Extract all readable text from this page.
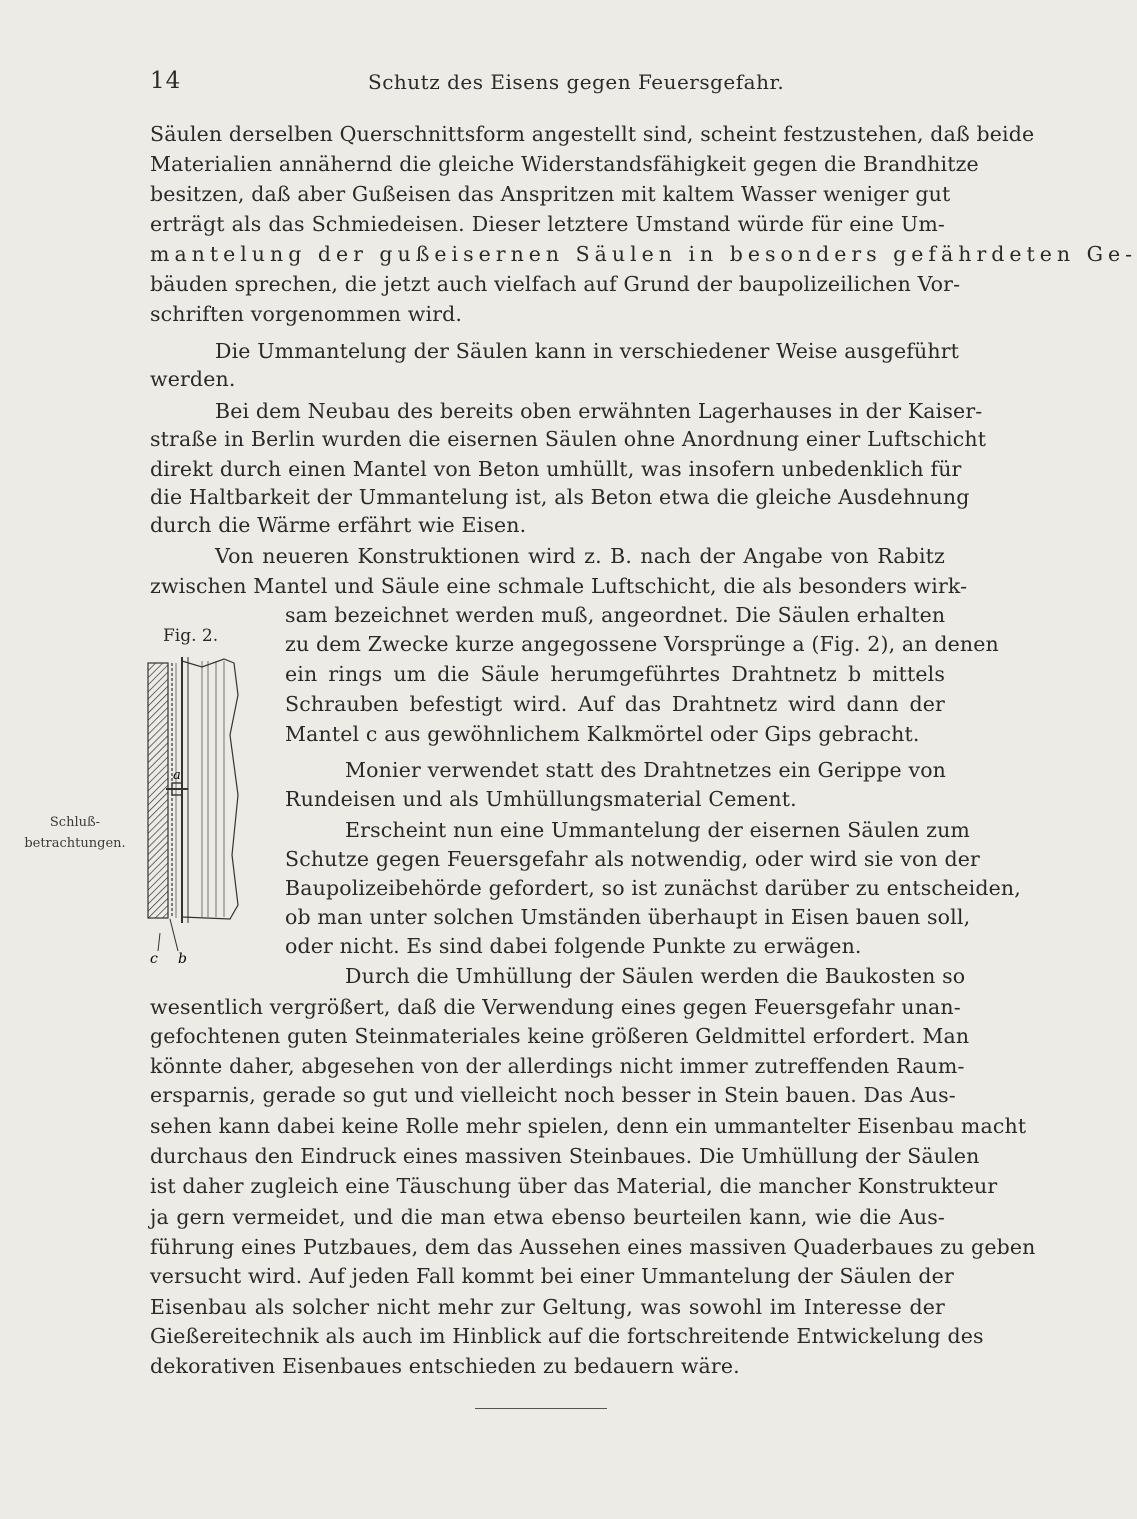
14	Schutz des Eisens gegen Feuersgefahr.
Säulen derselben Querschnittsform angestellt sind, scheint festzustehen, daß beide
Materialien annähernd die gleiche Widerstandsfähigkeit gegen die Brandhitze
besitzen, daß aber Gußeisen das Anspritzen mit kaltem Wasser weniger gut
erträgt als das Schmiedeisen. Dieser letztere Umstand würde für eine Um-
mantelung der gußeisernen Säulen in besonders gefährdeten Ge-
bäuden sprechen, die jetzt auch vielfach auf Grund der baupolizeilichen Vor-
schriften vorgenommen wird.
Die Ummantelung der Säulen kann in verschiedener Weise ausgeführt
werden.
Bei dem Neubau des bereits oben erwähnten Lagerhauses in der Kaiser-
straße in Berlin wurden die eisernen Säulen ohne Anordnung einer Luftschicht
direkt durch einen Mantel von Beton umhüllt, was insofern unbedenklich für
die Haltbarkeit der Ummantelung ist, als Beton etwa die gleiche Ausdehnung
durch die Wärme erfährt wie Eisen.
Von neueren Konstruktionen wird z. B. nach der Angabe von Rabitz
zwischen Mantel und Säule eine schmale Luftschicht, die als besonders wirk-
sam bezeichnet werden muß, angeordnet. Die Säulen erhalten
zu dem Zwecke kurze angegossene Vorsprünge a (Fig. 2), an denen
ein rings um die Säule herumgeführtes Drahtnetz b mittels
Schrauben befestigt wird. Auf das Drahtnetz wird dann der
Mantel c aus gewöhnlichem Kalkmörtel oder Gips gebracht.
Monier verwendet statt des Drahtnetzes ein Gerippe von
Rundeisen und als Umhüllungsmaterial Cement.
Erscheint nun eine Ummantelung der eisernen Säulen zum
Schutze gegen Feuersgefahr als notwendig, oder wird sie von der
Baupolizeibehörde gefordert, so ist zunächst darüber zu entscheiden,
ob man unter solchen Umständen überhaupt in Eisen bauen soll,
oder nicht. Es sind dabei folgende Punkte zu erwägen.
Durch die Umhüllung der Säulen werden die Baukosten so
wesentlich vergrößert, daß die Verwendung eines gegen Feuersgefahr unan-
gefochtenen guten Steinmateriales keine größeren Geldmittel erfordert. Man
könnte daher, abgesehen von der allerdings nicht immer zutreffenden Raum-
ersparnis, gerade so gut und vielleicht noch besser in Stein bauen. Das Aus-
sehen kann dabei keine Rolle mehr spielen, denn ein ummantelter Eisenbau macht
durchaus den Eindruck eines massiven Steinbaues. Die Umhüllung der Säulen
ist daher zugleich eine Täuschung über das Material, die mancher Konstrukteur
ja gern vermeidet, und die man etwa ebenso beurteilen kann, wie die Aus-
führung eines Putzbaues, dem das Aussehen eines massiven Quaderbaues zu geben
versucht wird. Auf jeden Fall kommt bei einer Ummantelung der Säulen der
Eisenbau als solcher nicht mehr zur Geltung, was sowohl im Interesse der
Gießereitechnik als auch im Hinblick auf die fortschreitende Entwickelung des
dekorativen Eisenbaues entschieden zu bedauern wäre.
Schluß-
betrachtungen.
Fig. 2.
a
c b
